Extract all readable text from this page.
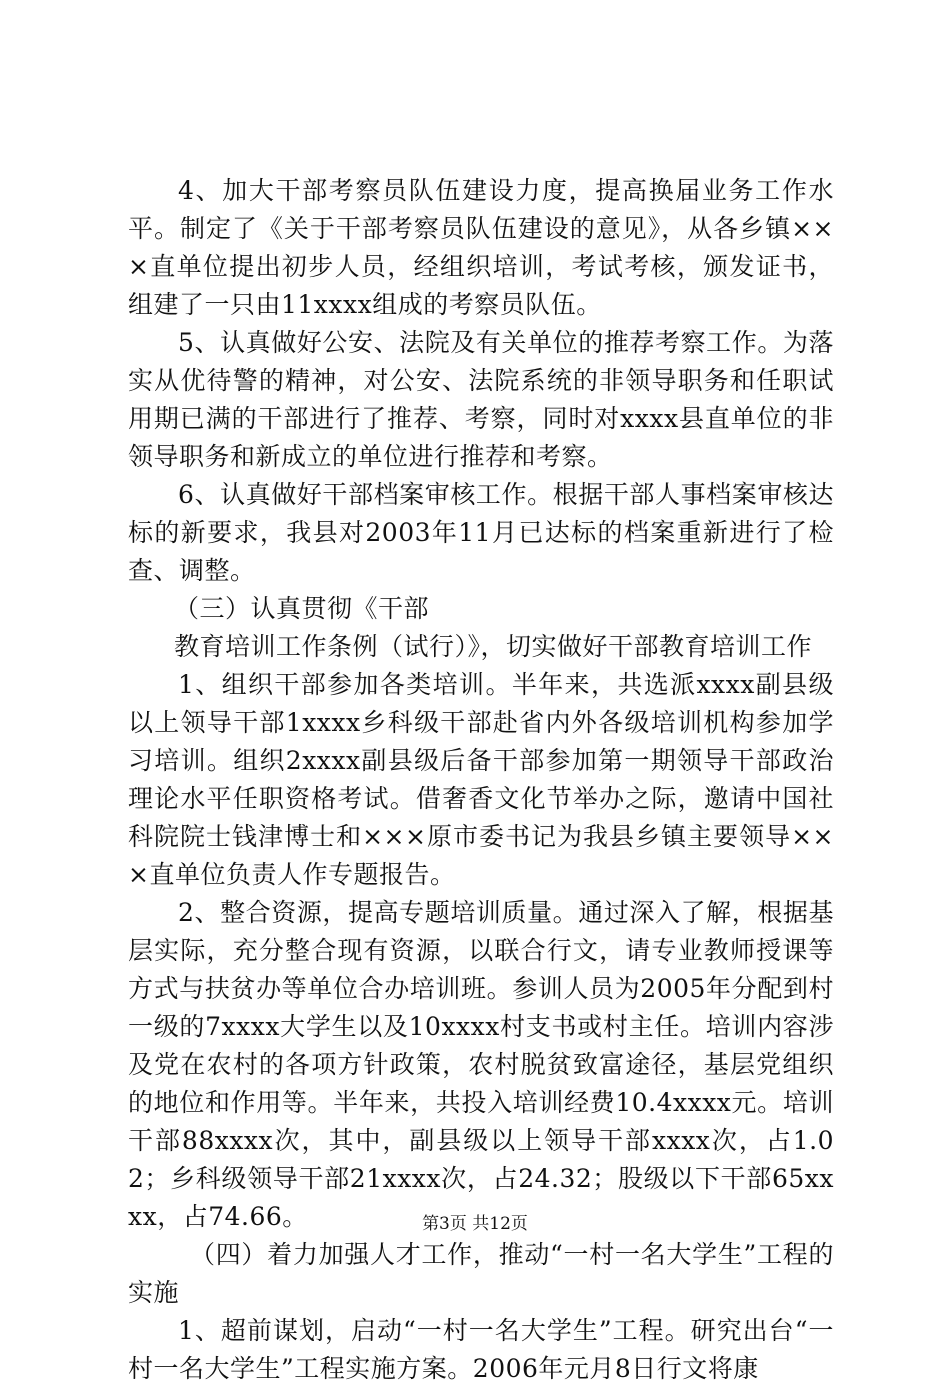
4、加大干部考察员队伍建设力度，提高换届业务工作水平。制定了《关于干部考察员队伍建设的意见》，从各乡镇×××直单位提出初步人员，经组织培训，考试考核，颁发证书，组建了一只由11xxxx组成的考察员队伍。

5、认真做好公安、法院及有关单位的推荐考察工作。为落实从优待警的精神，对公安、法院系统的非领导职务和任职试用期已满的干部进行了推荐、考察，同时对xxxx县直单位的非领导职务和新成立的单位进行推荐和考察。

6、认真做好干部档案审核工作。根据干部人事档案审核达标的新要求，我县对2003年11月已达标的档案重新进行了检查、调整。

（三）认真贯彻《干部

教育培训工作条例（试行）》，切实做好干部教育培训工作

1、组织干部参加各类培训。半年来，共选派xxxx副县级以上领导干部1xxxx乡科级干部赴省内外各级培训机构参加学习培训。组织2xxxx副县级后备干部参加第一期领导干部政治理论水平任职资格考试。借奢香文化节举办之际，邀请中国社科院院士钱津博士和×××原市委书记为我县乡镇主要领导×××直单位负责人作专题报告。

2、整合资源，提高专题培训质量。通过深入了解，根据基层实际，充分整合现有资源，以联合行文，请专业教师授课等方式与扶贫办等单位合办培训班。参训人员为2005年分配到村一级的7xxxx大学生以及10xxxx村支书或村主任。培训内容涉及党在农村的各项方针政策，农村脱贫致富途径，基层党组织的地位和作用等。半年来，共投入培训经费10.4xxxx元。培训干部88xxxx次，其中，副县级以上领导干部xxxx次，占1.02；乡科级领导干部21xxxx次，占24.32；股级以下干部65xxxx，占74.66。

（四）着力加强人才工作，推动“一村一名大学生”工程的实施

1、超前谋划，启动“一村一名大学生”工程。研究出台“一村一名大学生”工程实施方案。2006年元月8日行文将康

第3页 共12页
